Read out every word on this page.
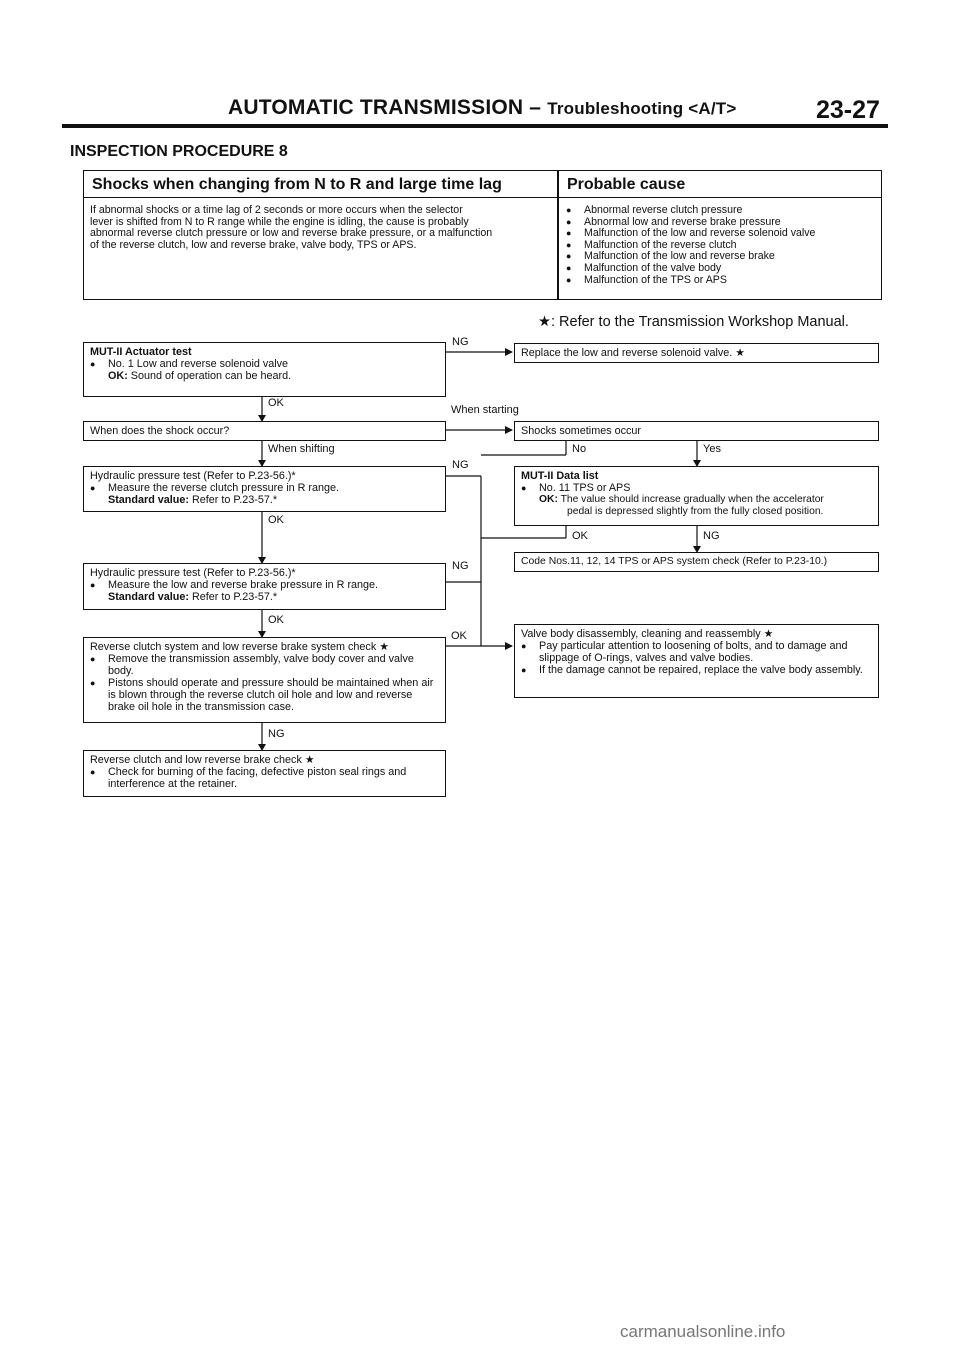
AUTOMATIC TRANSMISSION – Troubleshooting <A/T>	23-27
INSPECTION PROCEDURE 8
Shocks when changing from N to R and large time lag	Probable cause
If abnormal shocks or a time lag of 2 seconds or more occurs when the selector
lever is shifted from N to R range while the engine is idling, the cause is probably
abnormal reverse clutch pressure or low and reverse brake pressure, or a malfunction
of the reverse clutch, low and reverse brake, valve body, TPS or APS.
● Abnormal reverse clutch pressure
● Abnormal low and reverse brake pressure
● Malfunction of the low and reverse solenoid valve
● Malfunction of the reverse clutch
● Malfunction of the low and reverse brake
● Malfunction of the valve body
● Malfunction of the TPS or APS
★: Refer to the Transmission Workshop Manual.
MUT-II Actuator test
● No. 1 Low and reverse solenoid valve
OK: Sound of operation can be heard.
Replace the low and reverse solenoid valve. ★
When does the shock occur?	Shocks sometimes occur
Hydraulic pressure test (Refer to P.23-56.)*
● Measure the reverse clutch pressure in R range.
Standard value: Refer to P.23-57.*
MUT-II Data list
● No. 11 TPS or APS
OK: The value should increase gradually when the accelerator
pedal is depressed slightly from the fully closed position.
Code Nos.11, 12, 14 TPS or APS system check (Refer to P.23-10.)
Hydraulic pressure test (Refer to P.23-56.)*
● Measure the low and reverse brake pressure in R range.
Standard value: Refer to P.23-57.*
Reverse clutch system and low reverse brake system check ★
● Remove the transmission assembly, valve body cover and valve body.
● Pistons should operate and pressure should be maintained when air is blown through the reverse clutch oil hole and low and reverse brake oil hole in the transmission case.
Valve body disassembly, cleaning and reassembly ★
● Pay particular attention to loosening of bolts, and to damage and slippage of O-rings, valves and valve bodies.
● If the damage cannot be repaired, replace the valve body assembly.
Reverse clutch and low reverse brake check ★
● Check for burning of the facing, defective piston seal rings and interference at the retainer.
NG
OK
When starting
When shifting	No	Yes
NG
OK
OK	NG
NG
OK
OK
NG
carmanualsonline.info
